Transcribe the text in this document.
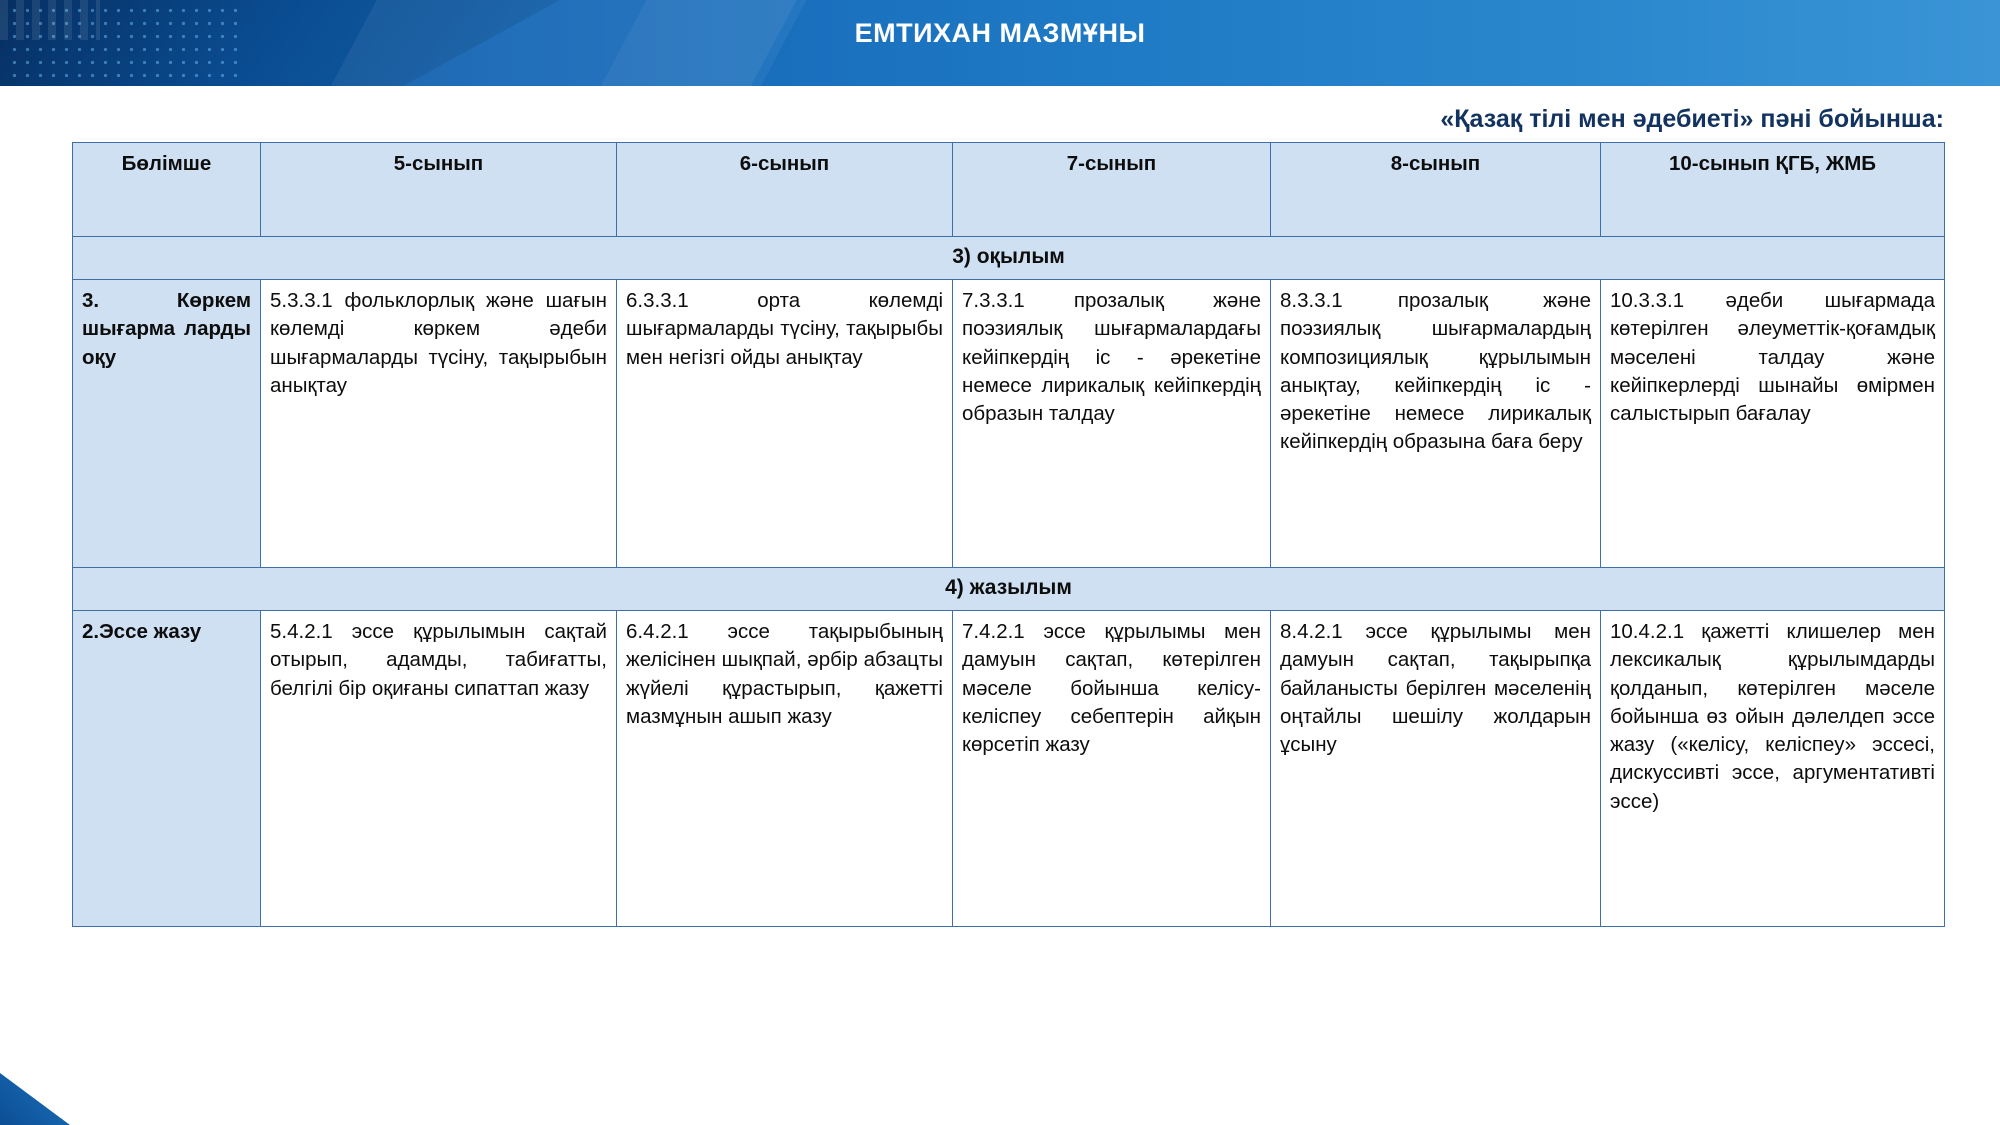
ЕМТИХАН МАЗМҰНЫ
«Қазақ тілі мен әдебиеті» пәні бойынша:
Бөлімше	5-сынып	6-сынып	7-сынып	8-сынып	10-сынып ҚГБ, ЖМБ
3) оқылым					
3. Көркем шығарма ларды оқу	5.3.3.1 фольклорлық және шағын көлемді көркем әдеби шығармаларды түсіну, тақырыбын анықтау	6.3.3.1 орта көлемді шығармаларды түсіну, тақырыбы мен негізгі ойды анықтау	7.3.3.1 прозалық және поэзиялық шығармалардағы кейіпкердің іс - әрекетіне немесе лирикалық кейіпкердің образын талдау	8.3.3.1 прозалық және поэзиялық шығармалардың композициялық құрылымын анықтау, кейіпкердің іс - әрекетіне немесе лирикалық кейіпкердің образына баға беру	10.3.3.1 әдеби шығармада көтерілген әлеуметтік-қоғамдық мәселені талдау және кейіпкерлерді шынайы өмірмен салыстырып бағалау
4) жазылым					
2.Эссе жазу	5.4.2.1 эссе құрылымын сақтай отырып, адамды, табиғатты, белгілі бір оқиғаны сипаттап жазу	6.4.2.1 эссе тақырыбының желісінен шықпай, әрбір абзацты жүйелі құрастырып, қажетті мазмұнын ашып жазу	7.4.2.1 эссе құрылымы мен дамуын сақтап, көтерілген мәселе бойынша келісу-келіспеу себептерін айқын көрсетіп жазу	8.4.2.1 эссе құрылымы мен дамуын сақтап, тақырыпқа байланысты берілген мәселенің оңтайлы шешілу жолдарын ұсыну	10.4.2.1 қажетті клишелер мен лексикалық құрылымдарды қолданып, көтерілген мәселе бойынша өз ойын дәлелдеп эссе жазу («келісу, келіспеу» эссесі, дискуссивті эссе, аргументативті эссе)
